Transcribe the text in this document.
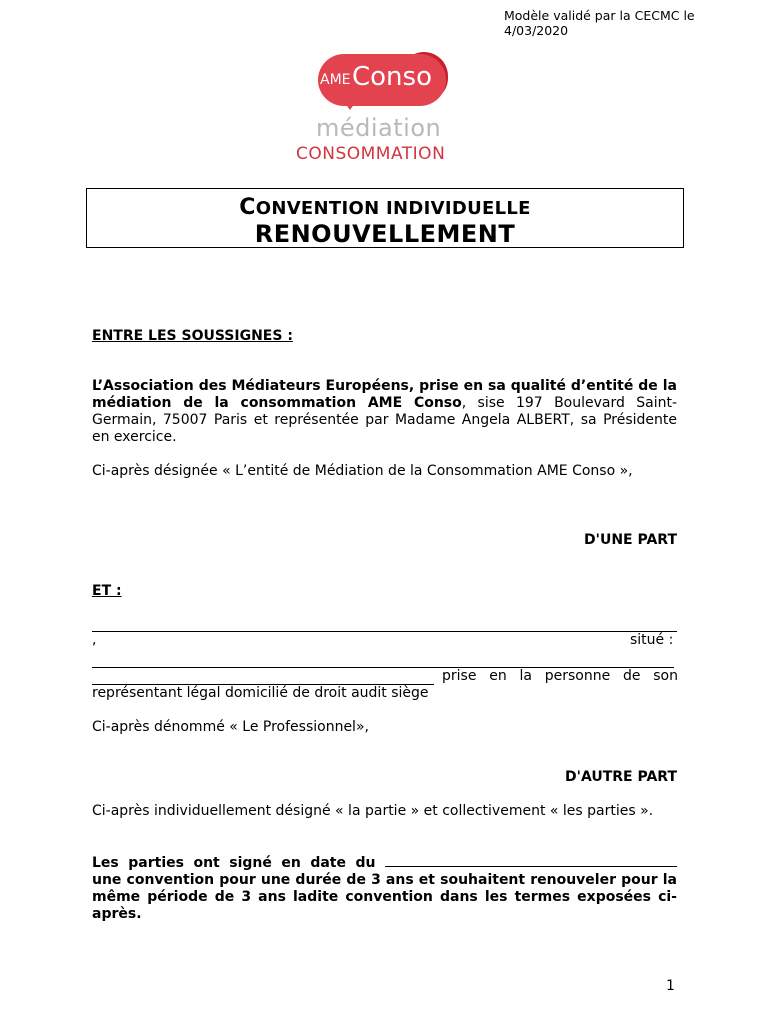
Modèle validé par la CECMC le 4/03/2020
AME Conso
médiation
CONSOMMATION
CONVENTION INDIVIDUELLE
RENOUVELLEMENT
ENTRE LES SOUSSIGNES :
L’Association des Médiateurs Européens, prise en sa qualité d’entité de la médiation de la consommation AME Conso, sise 197 Boulevard Saint-Germain, 75007 Paris et représentée par Madame Angela ALBERT, sa Présidente en exercice.
Ci-après désignée « L’entité de Médiation de la Consommation AME Conso »,
D'UNE PART
ET :
,	situé :
prise en la personne de son
représentant légal domicilié de droit audit siège
Ci-après dénommé « Le Professionnel»,
D'AUTRE PART
Ci-après individuellement désigné « la partie » et collectivement « les parties ».
Les parties ont signé en date du  une convention pour une durée de 3 ans et souhaitent renouveler pour la même période de 3 ans ladite convention dans les termes exposées ci-après.
1
